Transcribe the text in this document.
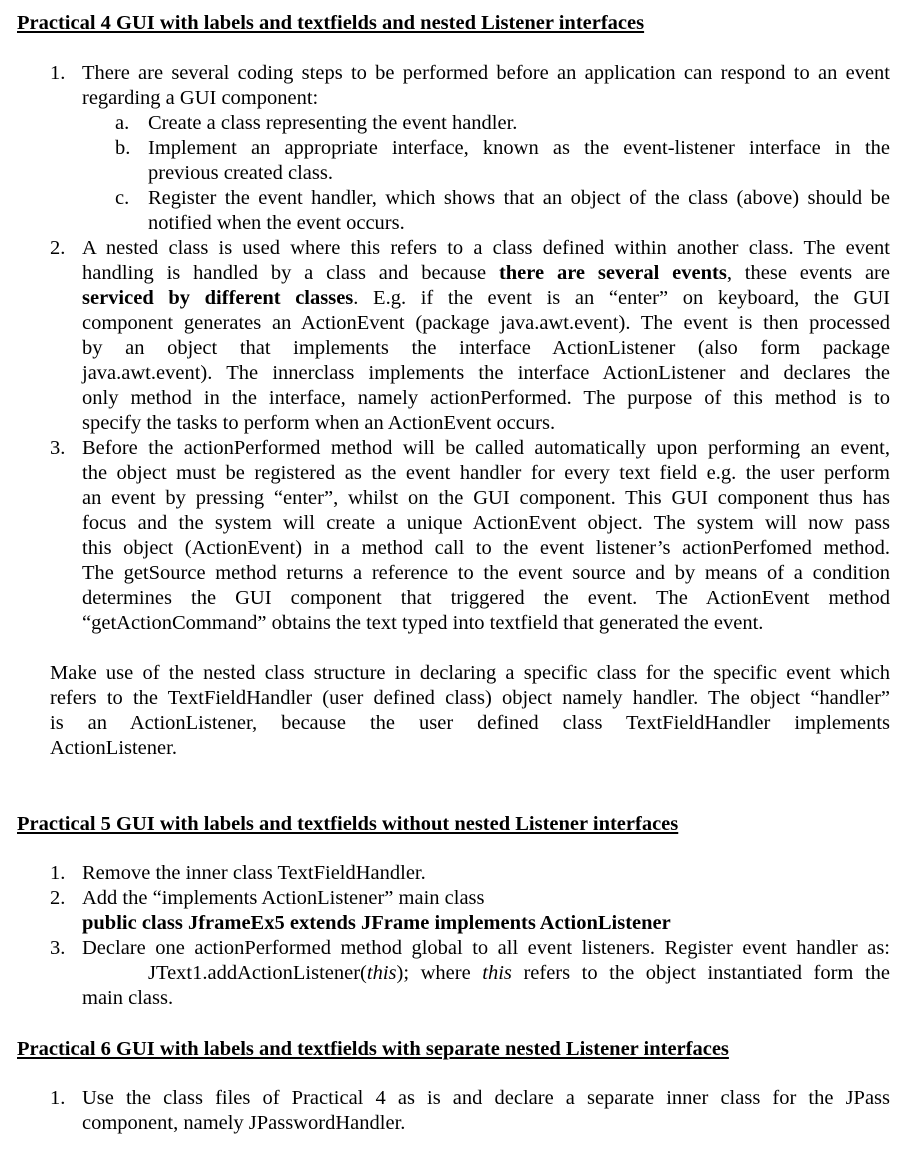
Practical 4 GUI with labels and textfields and nested Listener interfaces
1. There are several coding steps to be performed before an application can respond to an event
regarding a GUI component:
a. Create a class representing the event handler.
b. Implement an appropriate interface, known as the event-listener interface in the
previous created class.
c. Register the event handler, which shows that an object of the class (above) should be
notified when the event occurs.
2. A nested class is used where this refers to a class defined within another class. The event
handling is handled by a class and because there are several events, these events are
serviced by different classes. E.g. if the event is an “enter” on keyboard, the GUI
component generates an ActionEvent (package java.awt.event). The event is then processed
by an object that implements the interface ActionListener (also form package
java.awt.event). The innerclass implements the interface ActionListener and declares the
only method in the interface, namely actionPerformed. The purpose of this method is to
specify the tasks to perform when an ActionEvent occurs.
3. Before the actionPerformed method will be called automatically upon performing an event,
the object must be registered as the event handler for every text field e.g. the user perform
an event by pressing “enter”, whilst on the GUI component. This GUI component thus has
focus and the system will create a unique ActionEvent object. The system will now pass
this object (ActionEvent) in a method call to the event listener’s actionPerfomed method.
The getSource method returns a reference to the event source and by means of a condition
determines the GUI component that triggered the event. The ActionEvent method
“getActionCommand” obtains the text typed into textfield that generated the event.
Make use of the nested class structure in declaring a specific class for the specific event which
refers to the TextFieldHandler (user defined class) object namely handler. The object “handler”
is an ActionListener, because the user defined class TextFieldHandler implements
ActionListener.
Practical 5 GUI with labels and textfields without nested Listener interfaces
1. Remove the inner class TextFieldHandler.
2. Add the “implements ActionListener” main class
public class JframeEx5 extends JFrame implements ActionListener
3. Declare one actionPerformed method global to all event listeners. Register event handler as:
JText1.addActionListener(this); where this refers to the object instantiated form the
main class.
Practical 6 GUI with labels and textfields with separate nested Listener interfaces
1. Use the class files of Practical 4 as is and declare a separate inner class for the JPass
component, namely JPasswordHandler.
